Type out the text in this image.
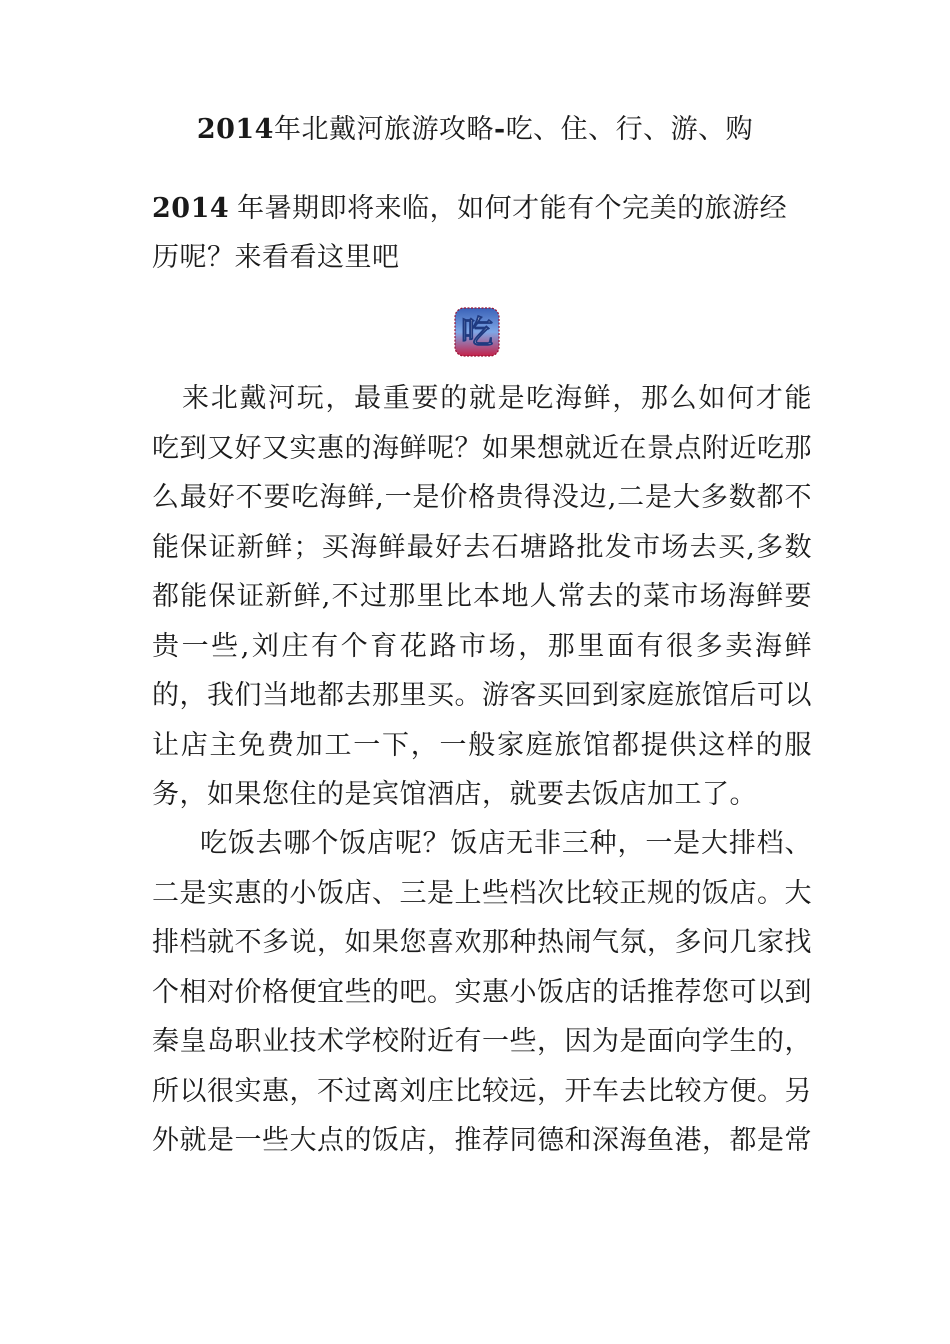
2014年北戴河旅游攻略-吃、住、行、游、购
2014 年暑期即将来临，如何才能有个完美的旅游经历呢？来看看这里吧
吃

来北戴河玩，最重要的就是吃海鲜，那么如何才能吃到又好又实惠的海鲜呢？如果想就近在景点附近吃那么最好不要吃海鲜,一是价格贵得没边,二是大多数都不能保证新鲜；买海鲜最好去石塘路批发市场去买,多数都能保证新鲜,不过那里比本地人常去的菜市场海鲜要贵一些,刘庄有个育花路市场，那里面有很多卖海鲜的，我们当地都去那里买。游客买回到家庭旅馆后可以让店主免费加工一下，一般家庭旅馆都提供这样的服务，如果您住的是宾馆酒店，就要去饭店加工了。

吃饭去哪个饭店呢？饭店无非三种，一是大排档、二是实惠的小饭店、三是上些档次比较正规的饭店。大排档就不多说，如果您喜欢那种热闹气氛，多问几家找个相对价格便宜些的吧。实惠小饭店的话推荐您可以到秦皇岛职业技术学校附近有一些，因为是面向学生的，所以很实惠，不过离刘庄比较远，开车去比较方便。另外就是一些大点的饭店，推荐同德和深海鱼港，都是常
